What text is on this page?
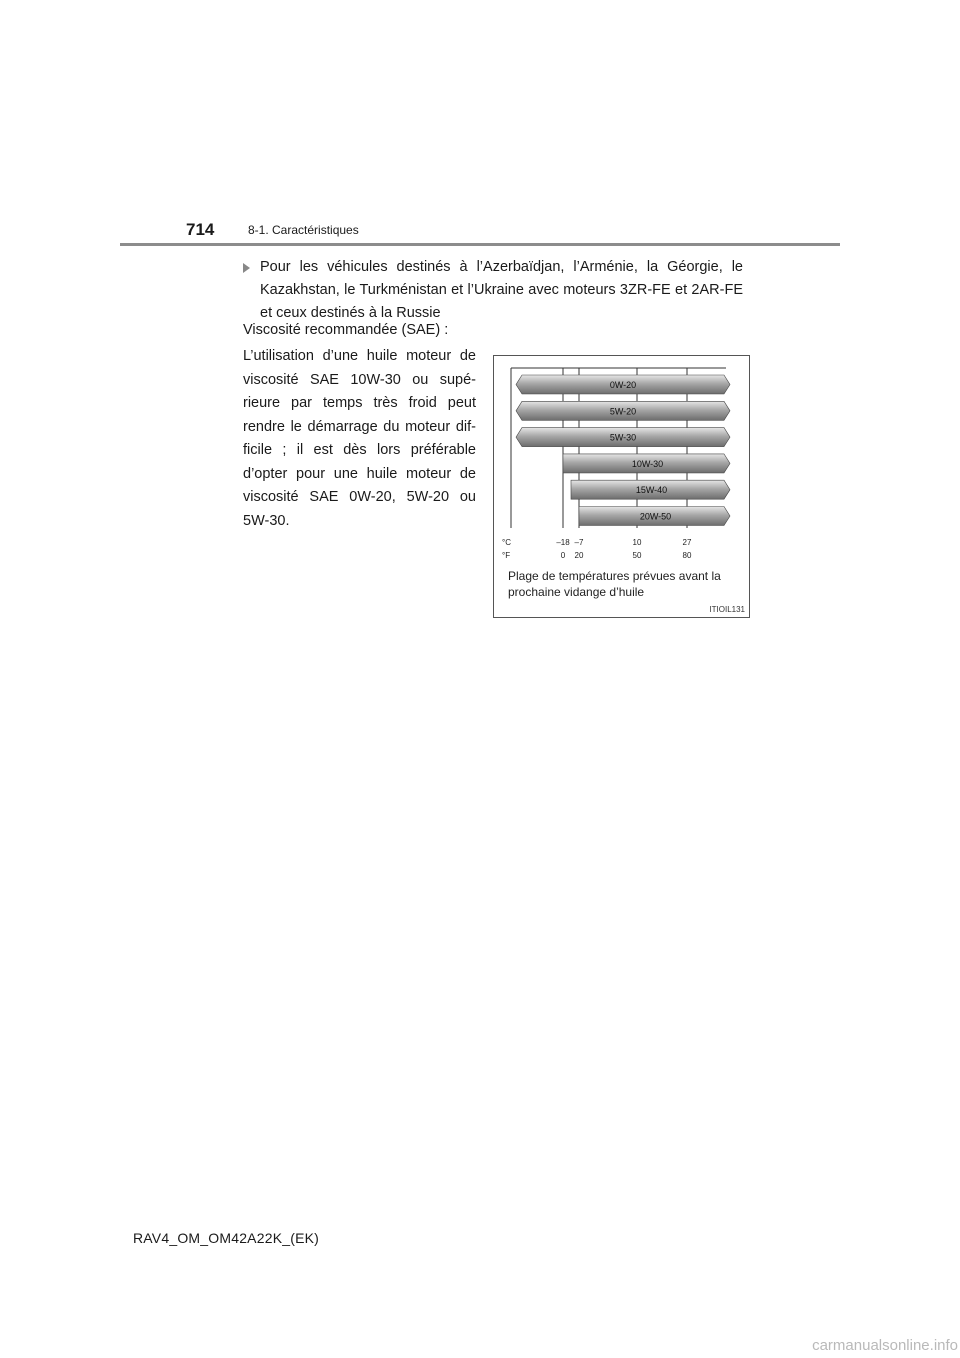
714	8-1. Caractéristiques
Pour les véhicules destinés à l’Azerbaïdjan, l’Arménie, la Géorgie, le Kazakhstan, le Turkménistan et l’Ukraine avec moteurs 3ZR-FE et 2AR-FE et ceux destinés à la Russie
Viscosité recommandée (SAE) :
L’utilisation d’une huile moteur de viscosité SAE 10W-30 ou supé-rieure par temps très froid peut rendre le démarrage du moteur dif-ficile ; il est dès lors préférable d’opter pour une huile moteur de viscosité SAE 0W-20, 5W-20 ou 5W-30.
0W-20
5W-20
5W-30
10W-30
15W-40
20W-50
°C
°F
–18
0
–7
20
10
50
27
80
Plage de températures prévues avant la prochaine vidange d’huile
ITIOIL131
RAV4_OM_OM42A22K_(EK)
carmanualsonline.info
